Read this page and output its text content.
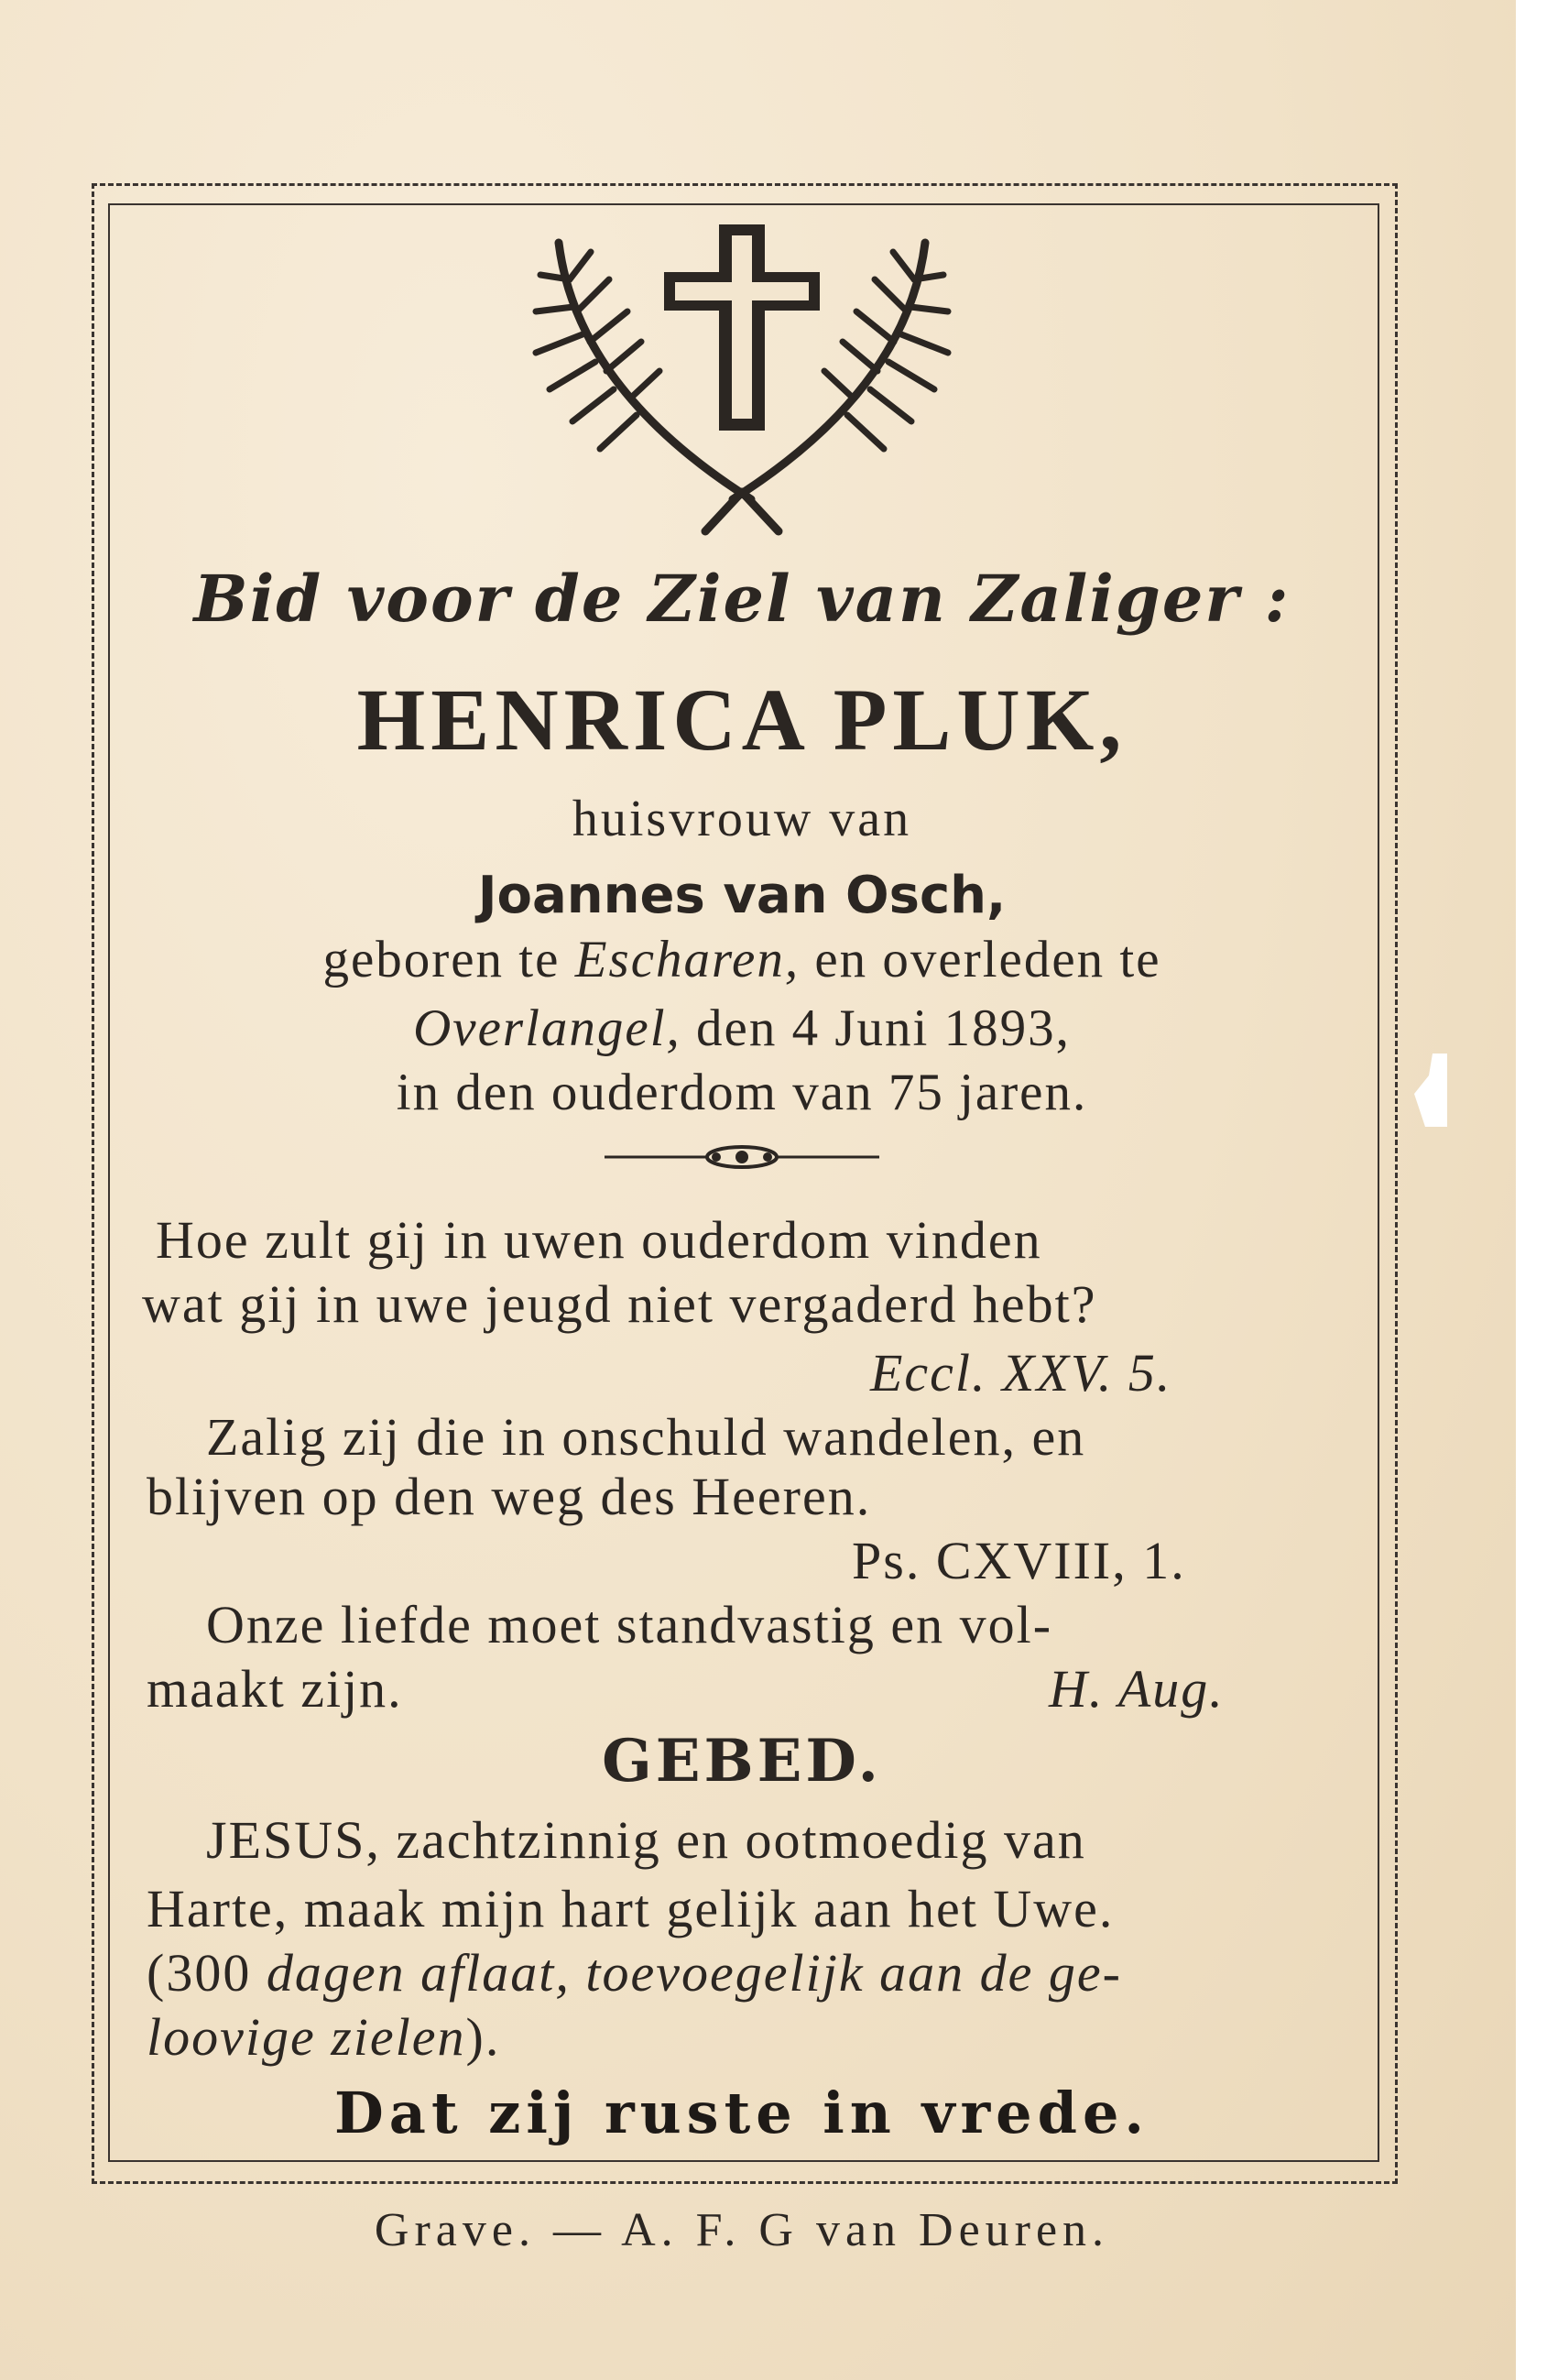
Bid voor de Ziel van Zaliger :
HENRICA PLUK,
huisvrouw van
Joannes van Osch,
geboren te Escharen, en overleden te
Overlangel, den 4 Juni 1893,
in den ouderdom van 75 jaren.
Hoe zult gij in uwen ouderdom vinden
wat gij in uwe jeugd niet vergaderd hebt?
Eccl. XXV. 5.
Zalig zij die in onschuld wandelen, en
blijven op den weg des Heeren.
Ps. CXVIII, 1.
Onze liefde moet standvastig en vol-
maakt zijn.	H. Aug.
GEBED.
JESUS, zachtzinnig en ootmoedig van
Harte, maak mijn hart gelijk aan het Uwe.
(300 dagen aflaat, toevoegelijk aan de ge-
loovige zielen).
Dat zij ruste in vrede.
Grave. — A. F. G van Deuren.
